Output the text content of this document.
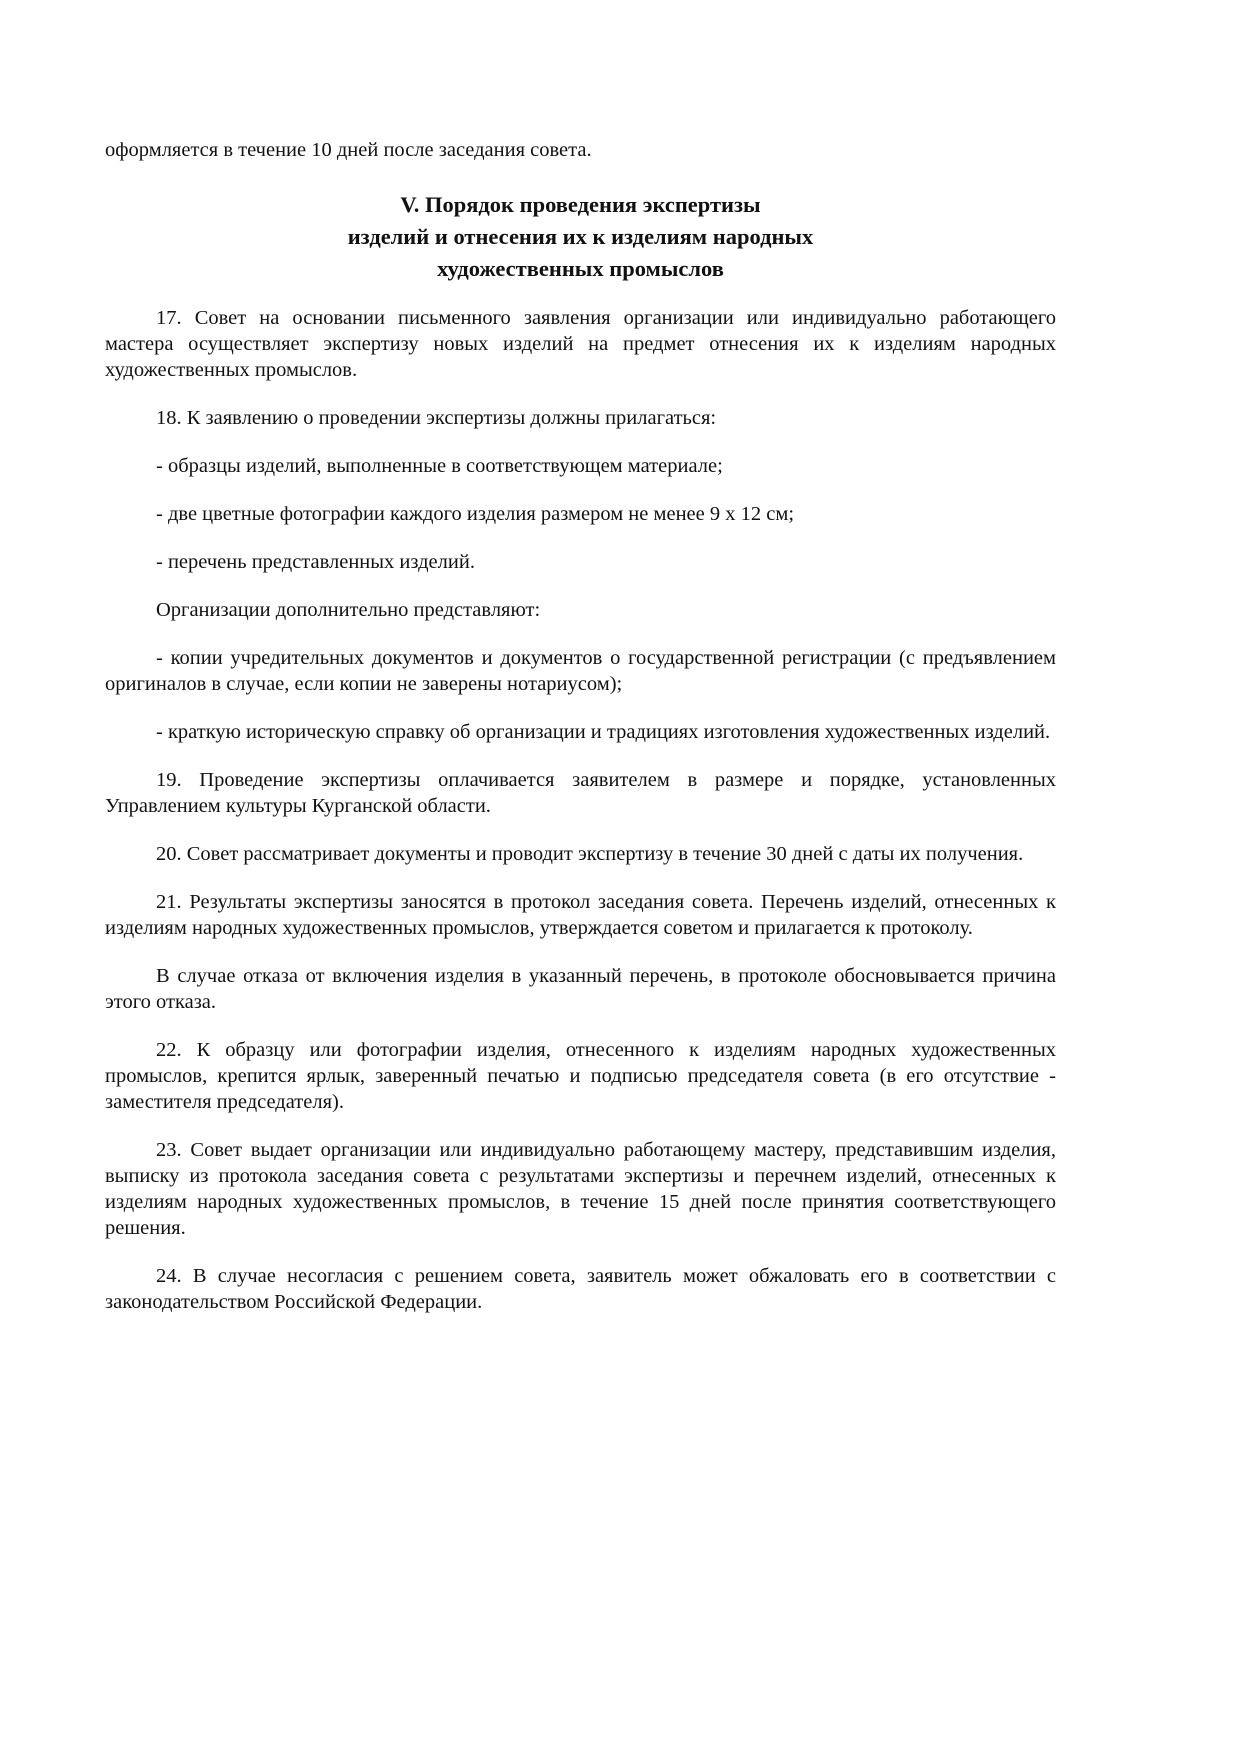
оформляется в течение 10 дней после заседания совета.

V. Порядок проведения экспертизы
изделий и отнесения их к изделиям народных
художественных промыслов

17. Совет на основании письменного заявления организации или индивидуально работающего мастера осуществляет экспертизу новых изделий на предмет отнесения их к изделиям народных художественных промыслов.

18. К заявлению о проведении экспертизы должны прилагаться:

- образцы изделий, выполненные в соответствующем материале;

- две цветные фотографии каждого изделия размером не менее 9 x 12 см;

- перечень представленных изделий.

Организации дополнительно представляют:

- копии учредительных документов и документов о государственной регистрации (с предъявлением оригиналов в случае, если копии не заверены нотариусом);

- краткую историческую справку об организации и традициях изготовления художественных изделий.

19. Проведение экспертизы оплачивается заявителем в размере и порядке, установленных Управлением культуры Курганской области.

20. Совет рассматривает документы и проводит экспертизу в течение 30 дней с даты их получения.

21. Результаты экспертизы заносятся в протокол заседания совета. Перечень изделий, отнесенных к изделиям народных художественных промыслов, утверждается советом и прилагается к протоколу.

В случае отказа от включения изделия в указанный перечень, в протоколе обосновывается причина этого отказа.

22. К образцу или фотографии изделия, отнесенного к изделиям народных художественных промыслов, крепится ярлык, заверенный печатью и подписью председателя совета (в его отсутствие - заместителя председателя).

23. Совет выдает организации или индивидуально работающему мастеру, представившим изделия, выписку из протокола заседания совета с результатами экспертизы и перечнем изделий, отнесенных к изделиям народных художественных промыслов, в течение 15 дней после принятия соответствующего решения.

24. В случае несогласия с решением совета, заявитель может обжаловать его в соответствии с законодательством Российской Федерации.
